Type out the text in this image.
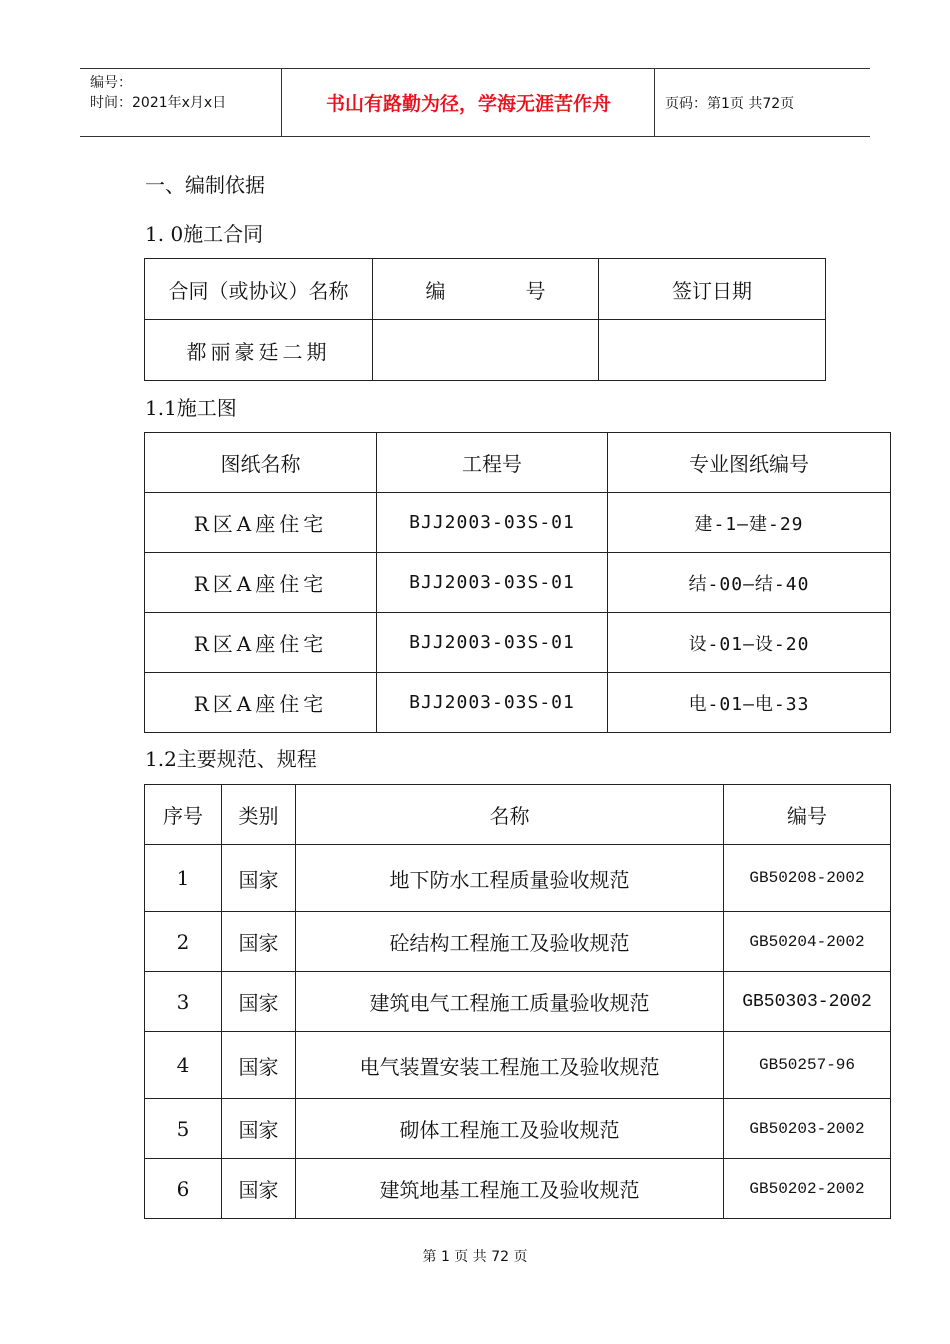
编号：
时间：2021年x月x日	书山有路勤为径，学海无涯苦作舟	页码：第1页 共72页
一、编制依据
1. 0施工合同
合同（或协议）名称	编　　　　号	签订日期
都丽豪廷二期		
1.1施工图
图纸名称	工程号	专业图纸编号
R区A座住宅	BJJ2003-03S-01	建-1—建-29
R区A座住宅	BJJ2003-03S-01	结-00—结-40
R区A座住宅	BJJ2003-03S-01	设-01—设-20
R区A座住宅	BJJ2003-03S-01	电-01—电-33
1.2主要规范、规程
序号	类别	名称	编号
1	国家	地下防水工程质量验收规范	GB50208-2002
2	国家	砼结构工程施工及验收规范	GB50204-2002
3	国家	建筑电气工程施工质量验收规范	GB50303-2002
4	国家	电气装置安装工程施工及验收规范	GB50257-96
5	国家	砌体工程施工及验收规范	GB50203-2002
6	国家	建筑地基工程施工及验收规范	GB50202-2002
第 1 页 共 72 页
